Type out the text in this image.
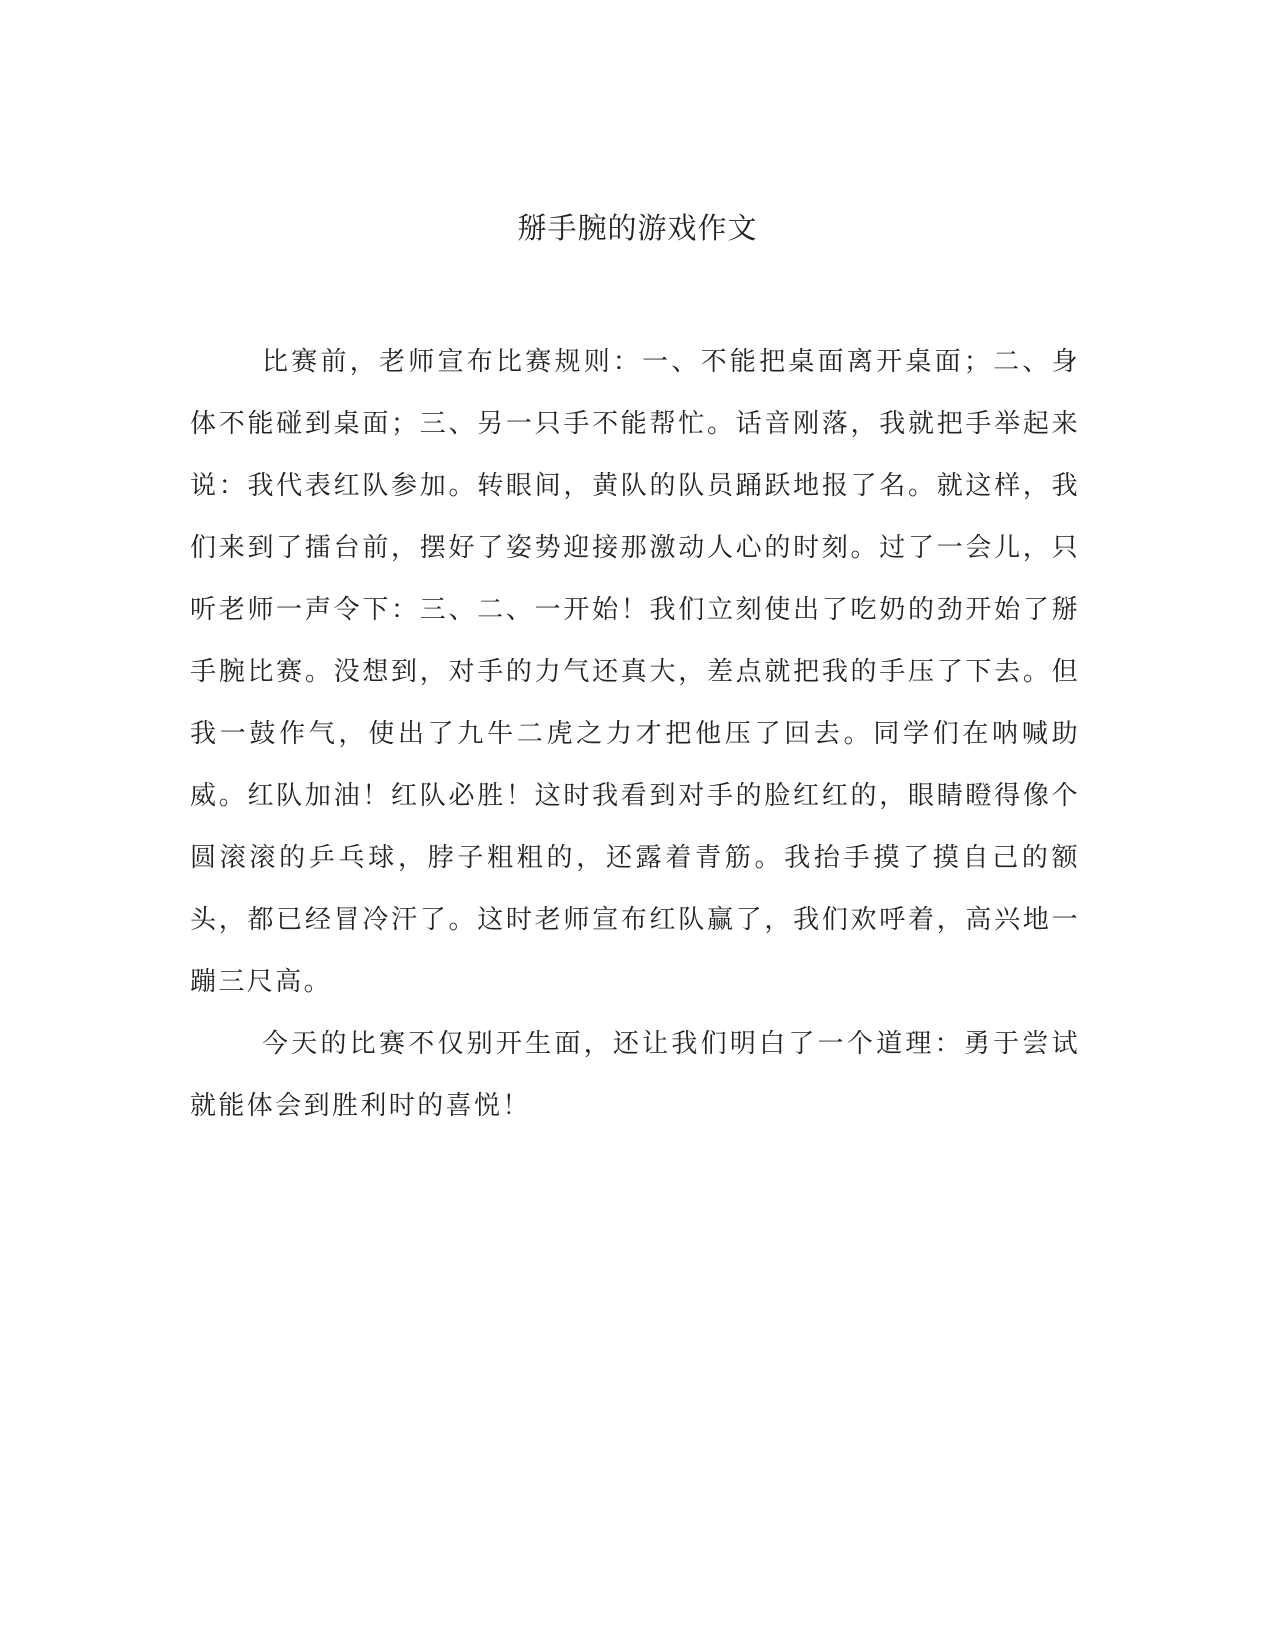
掰手腕的游戏作文

比赛前，老师宣布比赛规则：一、不能把桌面离开桌面；二、身体不能碰到桌面；三、另一只手不能帮忙。话音刚落，我就把手举起来说：我代表红队参加。转眼间，黄队的队员踊跃地报了名。就这样，我们来到了擂台前，摆好了姿势迎接那激动人心的时刻。过了一会儿，只听老师一声令下：三、二、一开始！我们立刻使出了吃奶的劲开始了掰手腕比赛。没想到，对手的力气还真大，差点就把我的手压了下去。但我一鼓作气，使出了九牛二虎之力才把他压了回去。同学们在呐喊助威。红队加油！红队必胜！这时我看到对手的脸红红的，眼睛瞪得像个圆滚滚的乒乓球，脖子粗粗的，还露着青筋。我抬手摸了摸自己的额头，都已经冒冷汗了。这时老师宣布红队赢了，我们欢呼着，高兴地一蹦三尺高。

今天的比赛不仅别开生面，还让我们明白了一个道理：勇于尝试就能体会到胜利时的喜悦！
